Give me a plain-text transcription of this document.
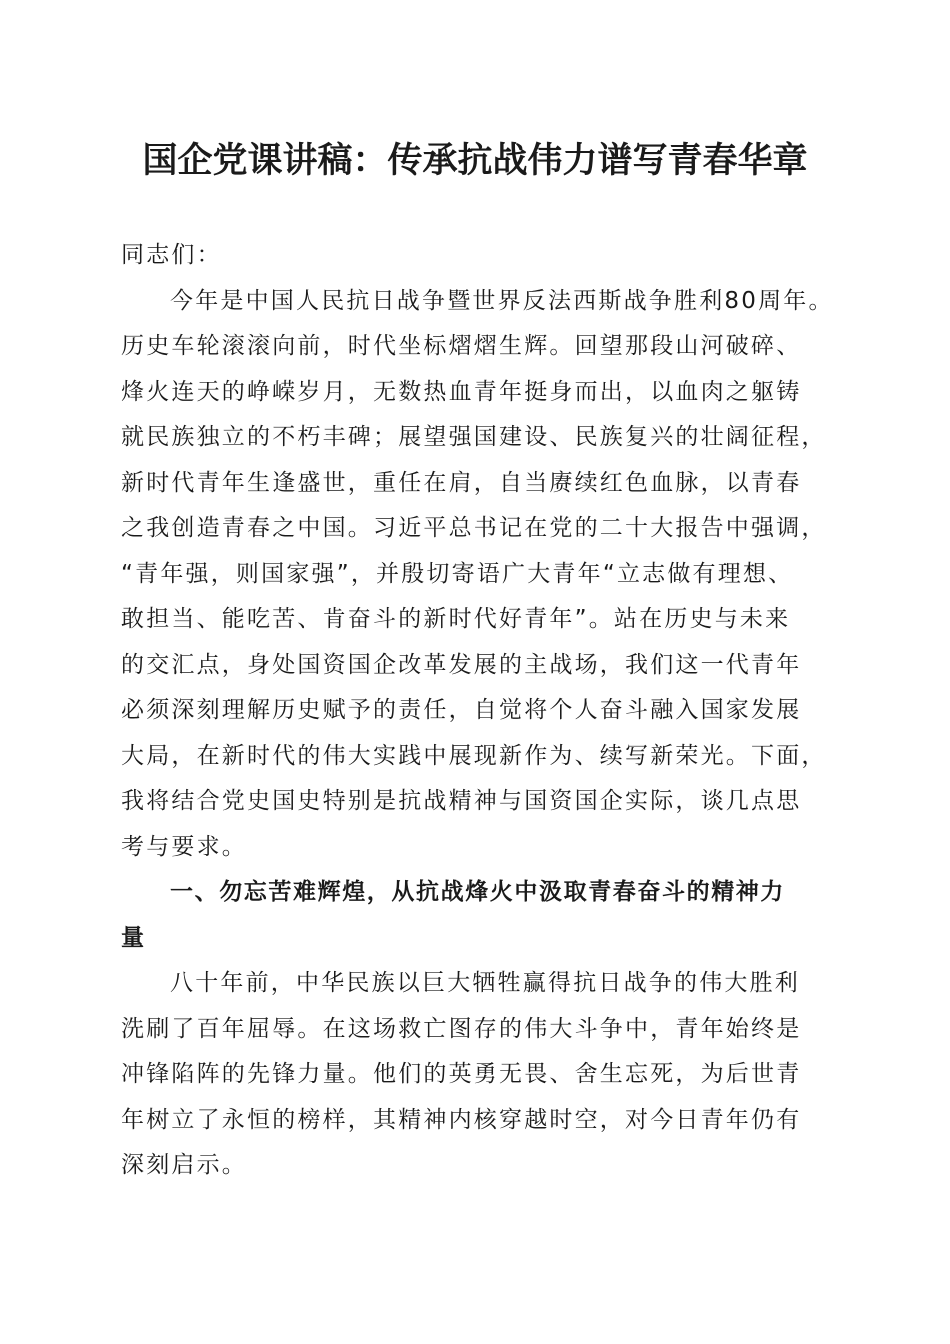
国企党课讲稿：传承抗战伟力谱写青春华章

同志们：

今年是中国人民抗日战争暨世界反法西斯战争胜利80周年。

历史车轮滚滚向前，时代坐标熠熠生辉。回望那段山河破碎、

烽火连天的峥嵘岁月，无数热血青年挺身而出，以血肉之躯铸

就民族独立的不朽丰碑；展望强国建设、民族复兴的壮阔征程，

新时代青年生逢盛世，重任在肩，自当赓续红色血脉，以青春

之我创造青春之中国。习近平总书记在党的二十大报告中强调，

“青年强，则国家强”，并殷切寄语广大青年“立志做有理想、

敢担当、能吃苦、肯奋斗的新时代好青年”。站在历史与未来

的交汇点，身处国资国企改革发展的主战场，我们这一代青年

必须深刻理解历史赋予的责任，自觉将个人奋斗融入国家发展

大局，在新时代的伟大实践中展现新作为、续写新荣光。下面，

我将结合党史国史特别是抗战精神与国资国企实际，谈几点思

考与要求。

一、勿忘苦难辉煌，从抗战烽火中汲取青春奋斗的精神力

量

八十年前，中华民族以巨大牺牲赢得抗日战争的伟大胜利

洗刷了百年屈辱。在这场救亡图存的伟大斗争中，青年始终是

冲锋陷阵的先锋力量。他们的英勇无畏、舍生忘死，为后世青

年树立了永恒的榜样，其精神内核穿越时空，对今日青年仍有

深刻启示。
